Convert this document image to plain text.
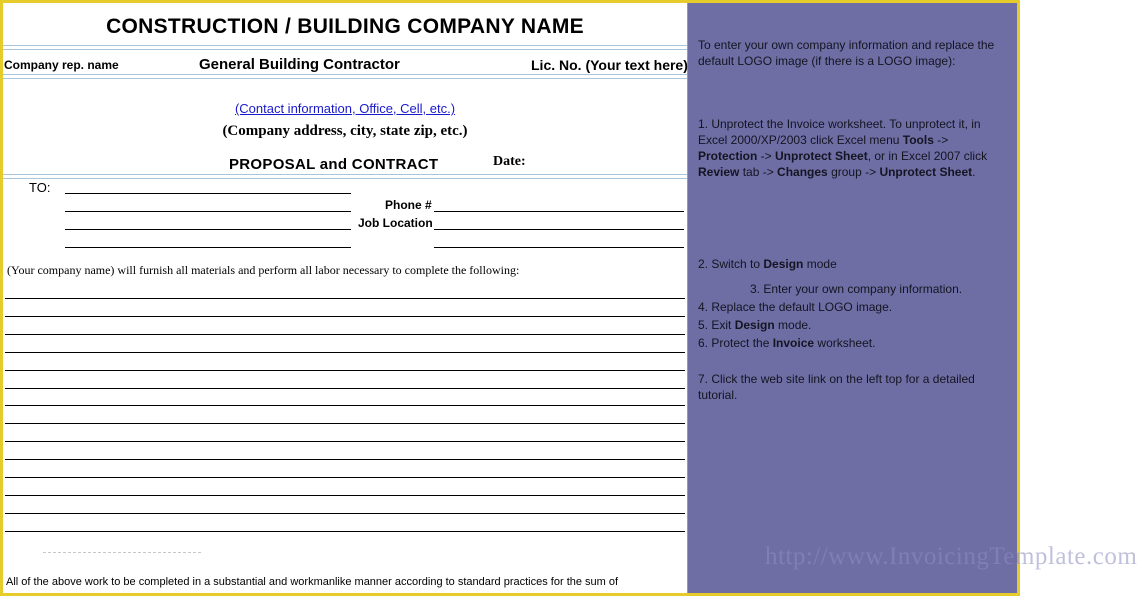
CONSTRUCTION / BUILDING COMPANY NAME
Company rep. name	General Building Contractor	Lic. No. (Your text here)
(Contact information, Office, Cell, etc.)
(Company address, city, state zip, etc.)
PROPOSAL and CONTRACT	Date:
TO:
Phone #
Job Location
(Your company name) will furnish all materials and perform all labor necessary to complete the following:
All of the above work to be completed in a substantial and workmanlike manner according to standard practices for the sum of
To enter your own company information and replace the default LOGO image (if there is a LOGO image):
1. Unprotect the Invoice worksheet. To unprotect it, in Excel 2000/XP/2003 click Excel menu Tools -> Protection -> Unprotect Sheet, or in Excel 2007 click Review tab -> Changes group -> Unprotect Sheet.
2. Switch to Design mode
3. Enter your own company information.
4. Replace the default LOGO image.
5. Exit Design mode.
6. Protect the Invoice worksheet.
7. Click the web site link on the left top for a detailed tutorial.
http://www.InvoicingTemplate.com
